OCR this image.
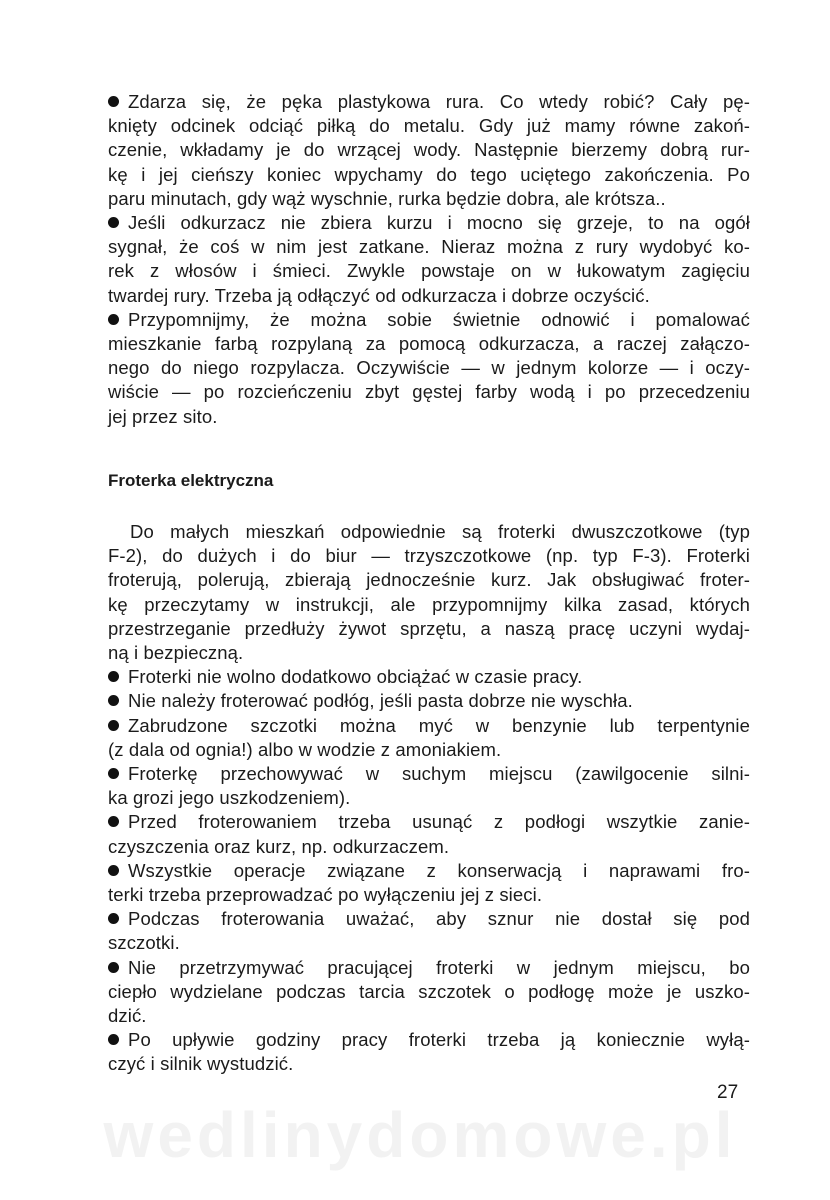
Zdarza się, że pęka plastykowa rura. Co wtedy robić? Cały pę-
knięty odcinek odciąć piłką do metalu. Gdy już mamy równe zakoń-
czenie, wkładamy je do wrzącej wody. Następnie bierzemy dobrą rur-
kę i jej cieńszy koniec wpychamy do tego uciętego zakończenia. Po
paru minutach, gdy wąż wyschnie, rurka będzie dobra, ale krótsza..
Jeśli odkurzacz nie zbiera kurzu i mocno się grzeje, to na ogół
sygnał, że coś w nim jest zatkane. Nieraz można z rury wydobyć ko-
rek z włosów i śmieci. Zwykle powstaje on w łukowatym zagięciu
twardej rury. Trzeba ją odłączyć od odkurzacza i dobrze oczyścić.
Przypomnijmy, że można sobie świetnie odnowić i pomalować
mieszkanie farbą rozpylaną za pomocą odkurzacza, a raczej załączo-
nego do niego rozpylacza. Oczywiście — w jednym kolorze — i oczy-
wiście — po rozcieńczeniu zbyt gęstej farby wodą i po przecedzeniu
jej przez sito.
Froterka elektryczna
Do małych mieszkań odpowiednie są froterki dwuszczotkowe (typ
F-2), do dużych i do biur — trzyszczotkowe (np. typ F-3). Froterki
froterują, polerują, zbierają jednocześnie kurz. Jak obsługiwać froter-
kę przeczytamy w instrukcji, ale przypomnijmy kilka zasad, których
przestrzeganie przedłuży żywot sprzętu, a naszą pracę uczyni wydaj-
ną i bezpieczną.
Froterki nie wolno dodatkowo obciążać w czasie pracy.
Nie należy froterować podłóg, jeśli pasta dobrze nie wyschła.
Zabrudzone szczotki można myć w benzynie lub terpentynie
(z dala od ognia!) albo w wodzie z amoniakiem.
Froterkę przechowywać w suchym miejscu (zawilgocenie silni-
ka grozi jego uszkodzeniem).
Przed froterowaniem trzeba usunąć z podłogi wszytkie zanie-
czyszczenia oraz kurz, np. odkurzaczem.
Wszystkie operacje związane z konserwacją i naprawami fro-
terki trzeba przeprowadzać po wyłączeniu jej z sieci.
Podczas froterowania uważać, aby sznur nie dostał się pod
szczotki.
Nie przetrzymywać pracującej froterki w jednym miejscu, bo
ciepło wydzielane podczas tarcia szczotek o podłogę może je uszko-
dzić.
Po upływie godziny pracy froterki trzeba ją koniecznie wyłą-
czyć i silnik wystudzić.
27
wedlinydomowe.pl
